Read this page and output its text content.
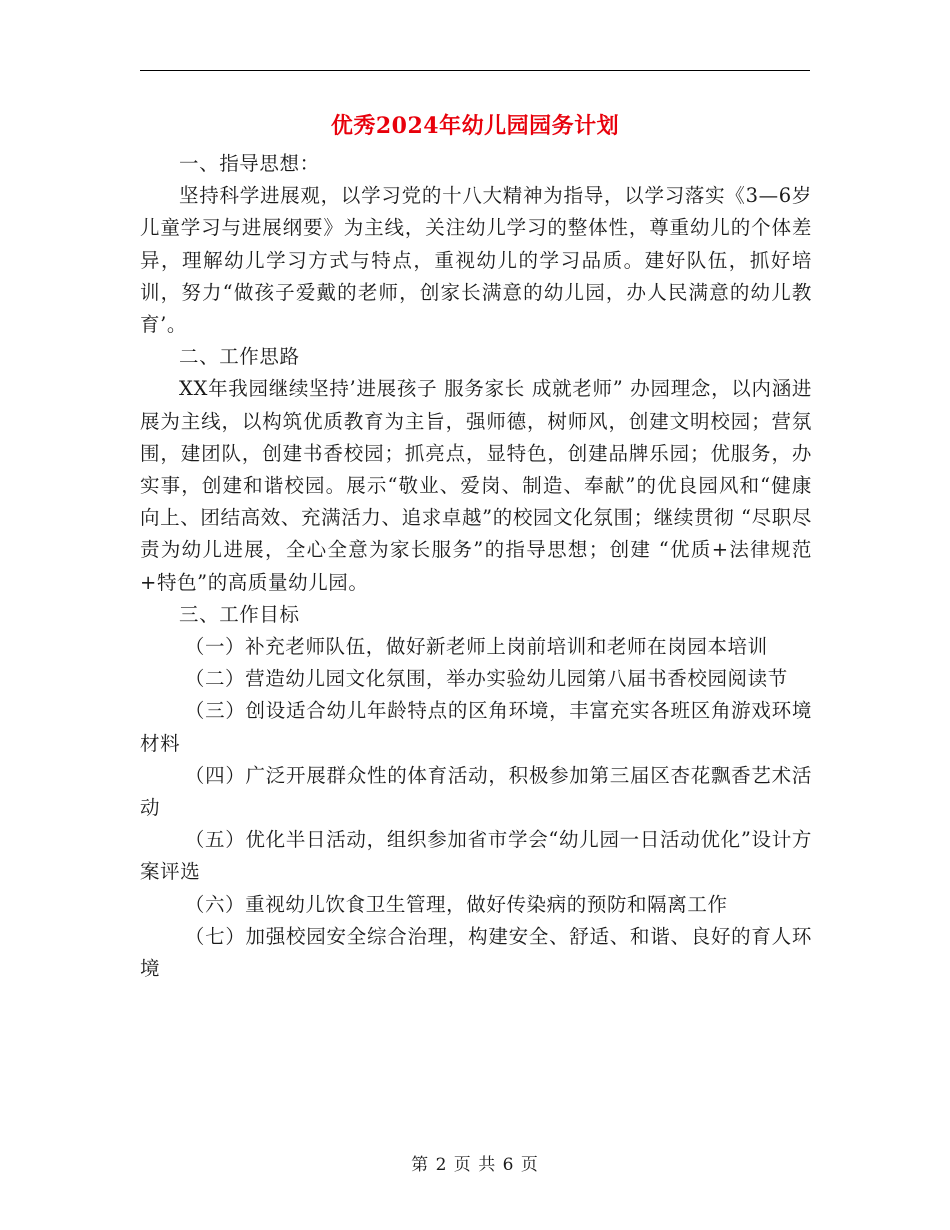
优秀2024年幼儿园园务计划

一、指导思想：

坚持科学进展观，以学习党的十八大精神为指导，以学习落实《3—6岁儿童学习与进展纲要》为主线，关注幼儿学习的整体性，尊重幼儿的个体差异，理解幼儿学习方式与特点，重视幼儿的学习品质。建好队伍，抓好培训，努力“做孩子爱戴的老师，创家长满意的幼儿园，办人民满意的幼儿教育’。

二、工作思路

XX年我园继续坚持’进展孩子 服务家长 成就老师” 办园理念，以内涵进展为主线，以构筑优质教育为主旨，强师德，树师风，创建文明校园；营氛围，建团队，创建书香校园；抓亮点，显特色，创建品牌乐园；优服务，办实事，创建和谐校园。展示“敬业、爱岗、制造、奉献”的优良园风和“健康向上、团结高效、充满活力、追求卓越”的校园文化氛围；继续贯彻 “尽职尽责为幼儿进展，全心全意为家长服务”的指导思想；创建 “优质+法律规范+特色”的高质量幼儿园。

三、工作目标

（一）补充老师队伍，做好新老师上岗前培训和老师在岗园本培训

（二）营造幼儿园文化氛围，举办实验幼儿园第八届书香校园阅读节

（三）创设适合幼儿年龄特点的区角环境，丰富充实各班区角游戏环境材料

（四）广泛开展群众性的体育活动，积极参加第三届区杏花飘香艺术活动

（五）优化半日活动，组织参加省市学会“幼儿园一日活动优化”设计方案评选

（六）重视幼儿饮食卫生管理，做好传染病的预防和隔离工作

（七）加强校园安全综合治理，构建安全、舒适、和谐、良好的育人环境

第 2 页 共 6 页
